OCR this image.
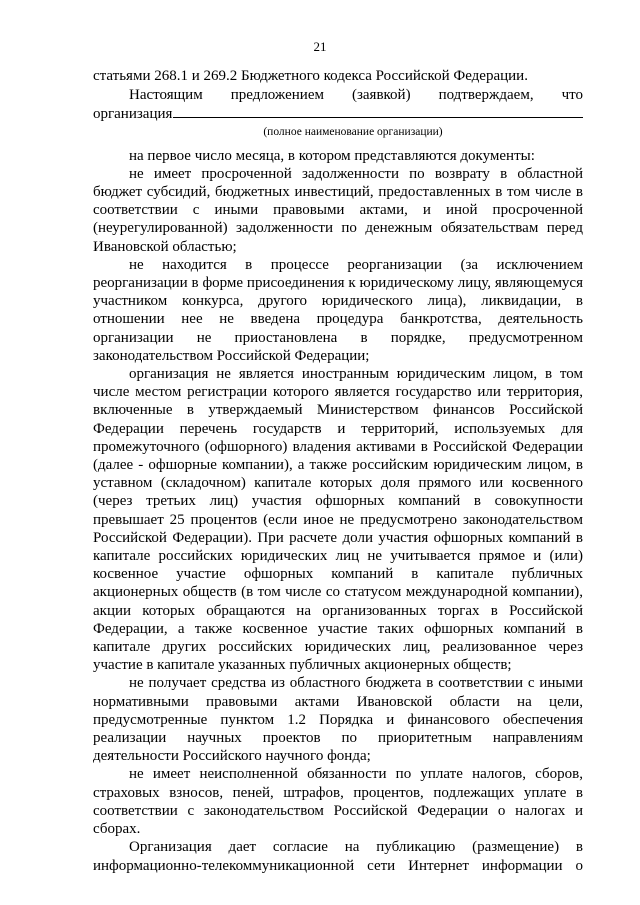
21

статьями 268.1 и 269.2 Бюджетного кодекса Российской Федерации.

Настоящим предложением (заявкой) подтверждаем, что
организация
(полное наименование организации)

на первое число месяца, в котором представляются документы:

не имеет просроченной задолженности по возврату в областной бюджет субсидий, бюджетных инвестиций, предоставленных в том числе в соответствии с иными правовыми актами, и иной просроченной (неурегулированной) задолженности по денежным обязательствам перед Ивановской областью;

не находится в процессе реорганизации (за исключением реорганизации в форме присоединения к юридическому лицу, являющемуся участником конкурса, другого юридического лица), ликвидации, в отношении нее не введена процедура банкротства, деятельность организации не приостановлена в порядке, предусмотренном законодательством Российской Федерации;

организация не является иностранным юридическим лицом, в том числе местом регистрации которого является государство или территория, включенные в утверждаемый Министерством финансов Российской Федерации перечень государств и территорий, используемых для промежуточного (офшорного) владения активами в Российской Федерации (далее - офшорные компании), а также российским юридическим лицом, в уставном (складочном) капитале которых доля прямого или косвенного (через третьих лиц) участия офшорных компаний в совокупности превышает 25 процентов (если иное не предусмотрено законодательством Российской Федерации). При расчете доли участия офшорных компаний в капитале российских юридических лиц не учитывается прямое и (или) косвенное участие офшорных компаний в капитале публичных акционерных обществ (в том числе со статусом международной компании), акции которых обращаются на организованных торгах в Российской Федерации, а также косвенное участие таких офшорных компаний в капитале других российских юридических лиц, реализованное через участие в капитале указанных публичных акционерных обществ;

не получает средства из областного бюджета в соответствии с иными нормативными правовыми актами Ивановской области на цели, предусмотренные пунктом 1.2 Порядка и финансового обеспечения реализации научных проектов по приоритетным направлениям деятельности Российского научного фонда;

не имеет неисполненной обязанности по уплате налогов, сборов, страховых взносов, пеней, штрафов, процентов, подлежащих уплате в соответствии с законодательством Российской Федерации о налогах и сборах.

Организация дает согласие на публикацию (размещение) в информационно-телекоммуникационной сети Интернет информации о
